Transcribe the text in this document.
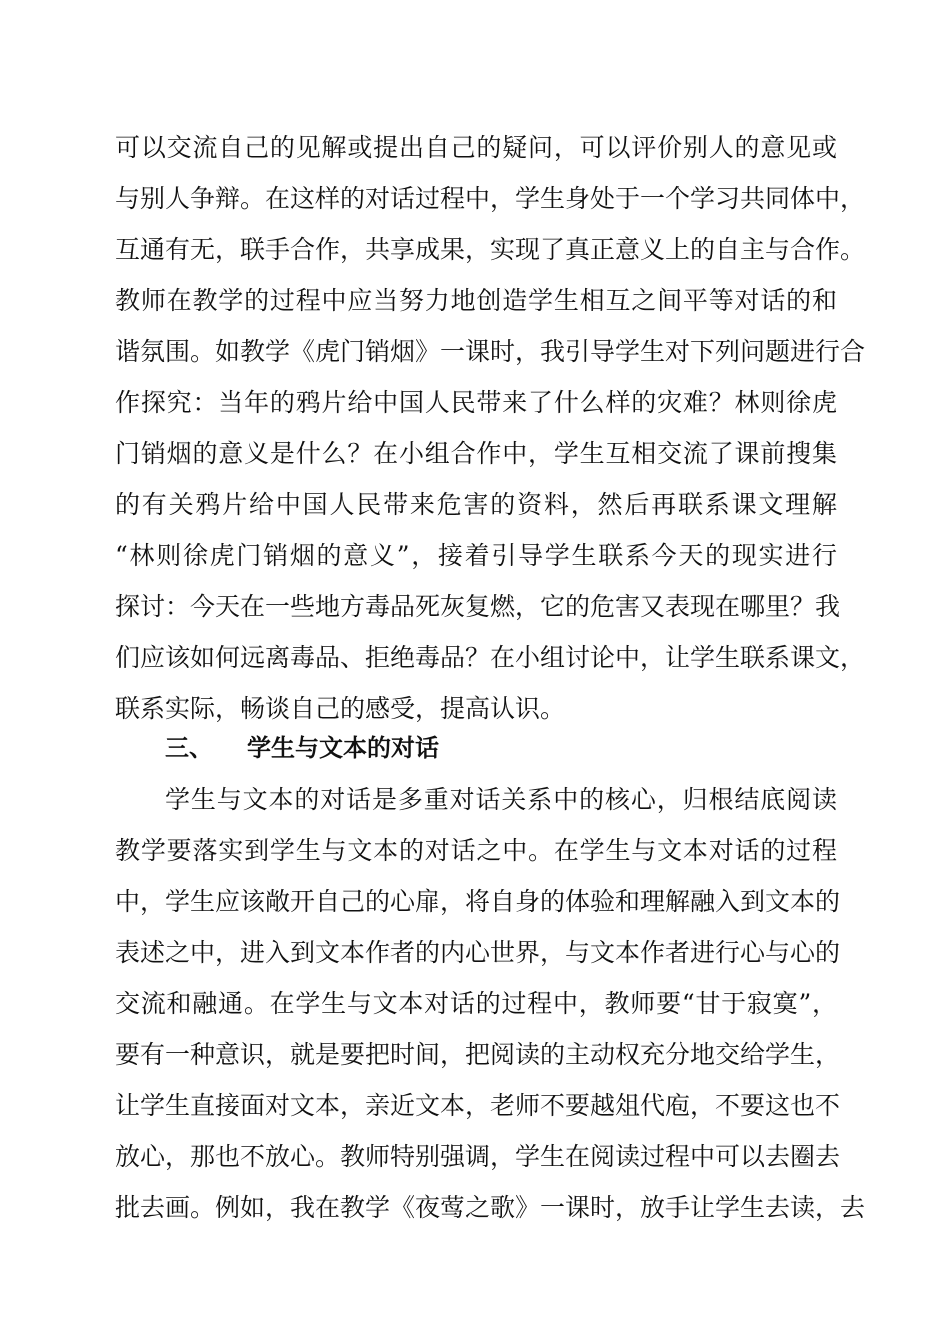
可以交流自己的见解或提出自己的疑问，可以评价别人的意见或
与别人争辩。在这样的对话过程中，学生身处于一个学习共同体中，
互通有无，联手合作，共享成果，实现了真正意义上的自主与合作。
教师在教学的过程中应当努力地创造学生相互之间平等对话的和
谐氛围。如教学《虎门销烟》一课时，我引导学生对下列问题进行合
作探究：当年的鸦片给中国人民带来了什么样的灾难？林则徐虎
门销烟的意义是什么？在小组合作中，学生互相交流了课前搜集
的有关鸦片给中国人民带来危害的资料，然后再联系课文理解
“林则徐虎门销烟的意义”，接着引导学生联系今天的现实进行
探讨：今天在一些地方毒品死灰复燃，它的危害又表现在哪里？我
们应该如何远离毒品、拒绝毒品？在小组讨论中，让学生联系课文，
联系实际，畅谈自己的感受，提高认识。
三、 学生与文本的对话
学生与文本的对话是多重对话关系中的核心，归根结底阅读
教学要落实到学生与文本的对话之中。在学生与文本对话的过程
中，学生应该敞开自己的心扉，将自身的体验和理解融入到文本的
表述之中，进入到文本作者的内心世界，与文本作者进行心与心的
交流和融通。在学生与文本对话的过程中，教师要“甘于寂寞”，
要有一种意识，就是要把时间，把阅读的主动权充分地交给学生，
让学生直接面对文本，亲近文本，老师不要越俎代庖，不要这也不
放心，那也不放心。教师特别强调，学生在阅读过程中可以去圈去
批去画。例如，我在教学《夜莺之歌》一课时，放手让学生去读，去
